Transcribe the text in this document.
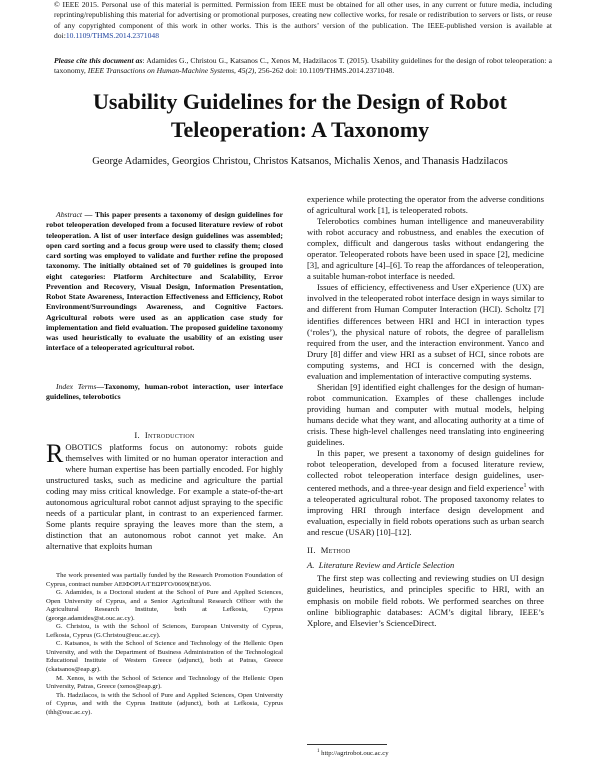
© IEEE 2015. Personal use of this material is permitted. Permission from IEEE must be obtained for all other uses, in any current or future media, including reprinting/republishing this material for advertising or promotional purposes, creating new collective works, for resale or redistribution to servers or lists, or reuse of any copyrighted component of this work in other works. This is the authors’ version of the publication. The IEEE-published version is available at doi:10.1109/THMS.2014.2371048
Please cite this document as: Adamides G., Christou G., Katsanos C., Xenos M, Hadzilacos T. (2015). Usability guidelines for the design of robot teleoperation: a taxonomy, IEEE Transactions on Human-Machine Systems, 45(2), 256-262 doi: 10.1109/THMS.2014.2371048.
Usability Guidelines for the Design of Robot
Teleoperation: A Taxonomy
George Adamides, Georgios Christou, Christos Katsanos, Michalis Xenos, and Thanasis Hadzilacos
Abstract — This paper presents a taxonomy of design guidelines for robot teleoperation developed from a focused literature review of robot teleoperation. A list of user interface design guidelines was assembled; open card sorting and a focus group were used to classify them; closed card sorting was employed to validate and further refine the proposed taxonomy. The initially obtained set of 70 guidelines is grouped into eight categories: Platform Architecture and Scalability, Error Prevention and Recovery, Visual Design, Information Presentation, Robot State Awareness, Interaction Effectiveness and Efficiency, Robot Environment/Surroundings Awareness, and Cognitive Factors. Agricultural robots were used as an application case study for implementation and field evaluation. The proposed guideline taxonomy was used heuristically to evaluate the usability of an existing user interface of a teleoperated agricultural robot.
Index Terms—Taxonomy, human-robot interaction, user interface guidelines, telerobotics

I. Introduction

ROBOTICS platforms focus on autonomy: robots guide themselves with limited or no human operator interaction and where human expertise has been partially encoded. For highly unstructured tasks, such as medicine and agriculture the partial coding may miss critical knowledge. For example a state-of-the-art autonomous agricultural robot cannot adjust spraying to the specific needs of a particular plant, in contrast to an experienced farmer. Some plants require spraying the leaves more than the stem, a distinction that an autonomous robot cannot yet make. An alternative that exploits human

The work presented was partially funded by the Research Promotion Foundation of Cyprus, contract number ΑΕΙΦΟΡΙΑ/ΓΕΩΡΓΟ/0609(ΒΕ)/06.

G. Adamides, is a Doctoral student at the School of Pure and Applied Sciences, Open University of Cyprus, and a Senior Agricultural Research Officer with the Agricultural Research Institute, both at Lefkosia, Cyprus (george.adamides@st.ouc.ac.cy).

G. Christou, is with the School of Sciences, European University of Cyprus, Lefkosia, Cyprus (G.Christou@euc.ac.cy).

C. Katsanos, is with the School of Science and Technology of the Hellenic Open University, and with the Department of Business Administration of the Technological Educational Institute of Western Greece (adjunct), both at Patras, Greece (ckatsanos@eap.gr).

M. Xenos, is with the School of Science and Technology of the Hellenic Open University, Patras, Greece (xenos@eap.gr).

Th. Hadzilacos, is with the School of Pure and Applied Sciences, Open University of Cyprus, and with the Cyprus Institute (adjunct), both at Lefkosia, Cyprus (thh@ouc.ac.cy).

experience while protecting the operator from the adverse conditions of agricultural work [1], is teleoperated robots.

Telerobotics combines human intelligence and maneuverability with robot accuracy and robustness, and enables the execution of complex, difficult and dangerous tasks without endangering the operator. Teleoperated robots have been used in space [2], medicine [3], and agriculture [4]–[6]. To reap the affordances of teleoperation, a suitable human-robot interface is needed.

Issues of efficiency, effectiveness and User eXperience (UX) are involved in the teleoperated robot interface design in ways similar to and different from Human Computer Interaction (HCI). Scholtz [7] identifies differences between HRI and HCI in interaction types (‘roles’), the physical nature of robots, the degree of parallelism required from the user, and the interaction environment. Yanco and Drury [8] differ and view HRI as a subset of HCI, since robots are computing systems, and HCI is concerned with the design, evaluation and implementation of interactive computing systems.

Sheridan [9] identified eight challenges for the design of human-robot communication. Examples of these challenges include providing human and computer with mutual models, helping humans decide what they want, and allocating authority at a time of crisis. These high-level challenges need translating into engineering guidelines.

In this paper, we present a taxonomy of design guidelines for robot teleoperation, developed from a focused literature review, collected robot teleoperation interface design guidelines, user-centered methods, and a three-year design and field experience$^1$ with a teleoperated agricultural robot. The proposed taxonomy relates to improving HRI through interface design development and evaluation, especially in field robots operations such as urban search and rescue (USAR) [10]–[12].

II. Method

A. Literature Review and Article Selection

The first step was collecting and reviewing studies on UI design guidelines, heuristics, and principles specific to HRI, with an emphasis on mobile field robots. We performed searches on three online bibliographic databases: ACM’s digital library, IEEE’s Xplore, and Elsevier’s ScienceDirect.

$^1$ http://agrirobot.ouc.ac.cy
